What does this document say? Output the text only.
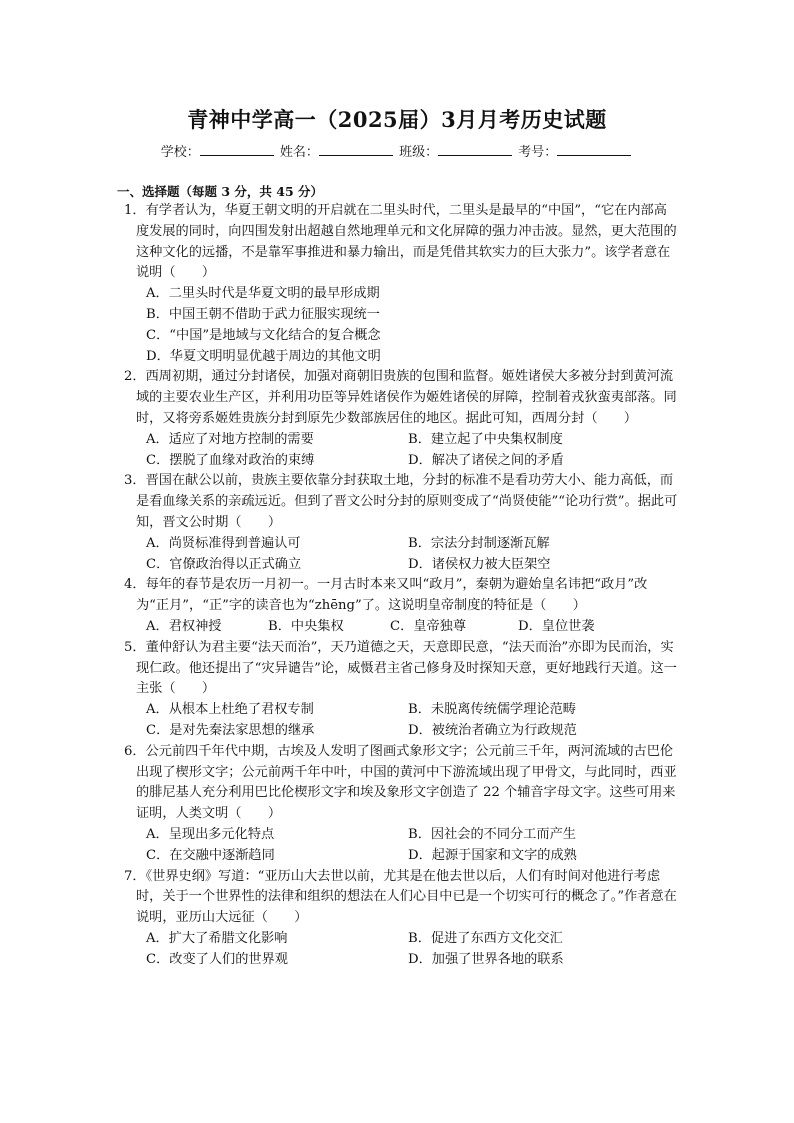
青神中学高一（2025届）3月月考历史试题
学校：	姓名：	班级：	考号：
一、选择题（每题 3 分，共 45 分）
1．有学者认为，华夏王朝文明的开启就在二里头时代，二里头是最早的“中国”，“它在内部高度发展的同时，向四围发射出超越自然地理单元和文化屏障的强力冲击波。显然，更大范围的这种文化的远播，不是靠军事推进和暴力输出，而是凭借其软实力的巨大张力”。该学者意在说明（　　）
A．二里头时代是华夏文明的最早形成期
B．中国王朝不借助于武力征服实现统一
C．“中国”是地域与文化结合的复合概念
D．华夏文明明显优越于周边的其他文明
2．西周初期，通过分封诸侯，加强对商朝旧贵族的包围和监督。姬姓诸侯大多被分封到黄河流域的主要农业生产区，并利用功臣等异姓诸侯作为姬姓诸侯的屏障，控制着戎狄蛮夷部落。同时，又将旁系姬姓贵族分封到原先少数部族居住的地区。据此可知，西周分封（　　）
A．适应了对地方控制的需要	B．建立起了中央集权制度
C．摆脱了血缘对政治的束缚	D．解决了诸侯之间的矛盾
3．晋国在献公以前，贵族主要依靠分封获取土地，分封的标准不是看功劳大小、能力高低，而是看血缘关系的亲疏远近。但到了晋文公时分封的原则变成了“尚贤使能”“论功行赏”。据此可知，晋文公时期（　　）
A．尚贤标准得到普遍认可	B．宗法分封制逐渐瓦解
C．官僚政治得以正式确立	D．诸侯权力被大臣架空
4．每年的春节是农历一月初一。一月古时本来又叫“政月”，秦朝为避始皇名讳把“政月”改为“正月”，“正”字的读音也为“zhēng”了。这说明皇帝制度的特征是（　　）
A．君权神授	B．中央集权	C．皇帝独尊	D．皇位世袭
5．董仲舒认为君主要“法天而治”，天乃道德之天，天意即民意，“法天而治”亦即为民而治，实现仁政。他还提出了“灾异谴告”论，威慑君主省己修身及时探知天意，更好地践行天道。这一主张（　　）
A．从根本上杜绝了君权专制	B．未脱离传统儒学理论范畴
C．是对先秦法家思想的继承	D．被统治者确立为行政规范
6．公元前四千年代中期，古埃及人发明了图画式象形文字；公元前三千年，两河流域的古巴伦出现了楔形文字；公元前两千年中叶，中国的黄河中下游流域出现了甲骨文，与此同时，西亚的腓尼基人充分利用巴比伦楔形文字和埃及象形文字创造了 22 个辅音字母文字。这些可用来证明，人类文明（　　）
A．呈现出多元化特点	B．因社会的不同分工而产生
C．在交融中逐渐趋同	D．起源于国家和文字的成熟
7．《世界史纲》写道：“亚历山大去世以前，尤其是在他去世以后，人们有时间对他进行考虑时，关于一个世界性的法律和组织的想法在人们心目中已是一个切实可行的概念了。”作者意在说明，亚历山大远征（　　）
A．扩大了希腊文化影响	B．促进了东西方文化交汇
C．改变了人们的世界观	D．加强了世界各地的联系
